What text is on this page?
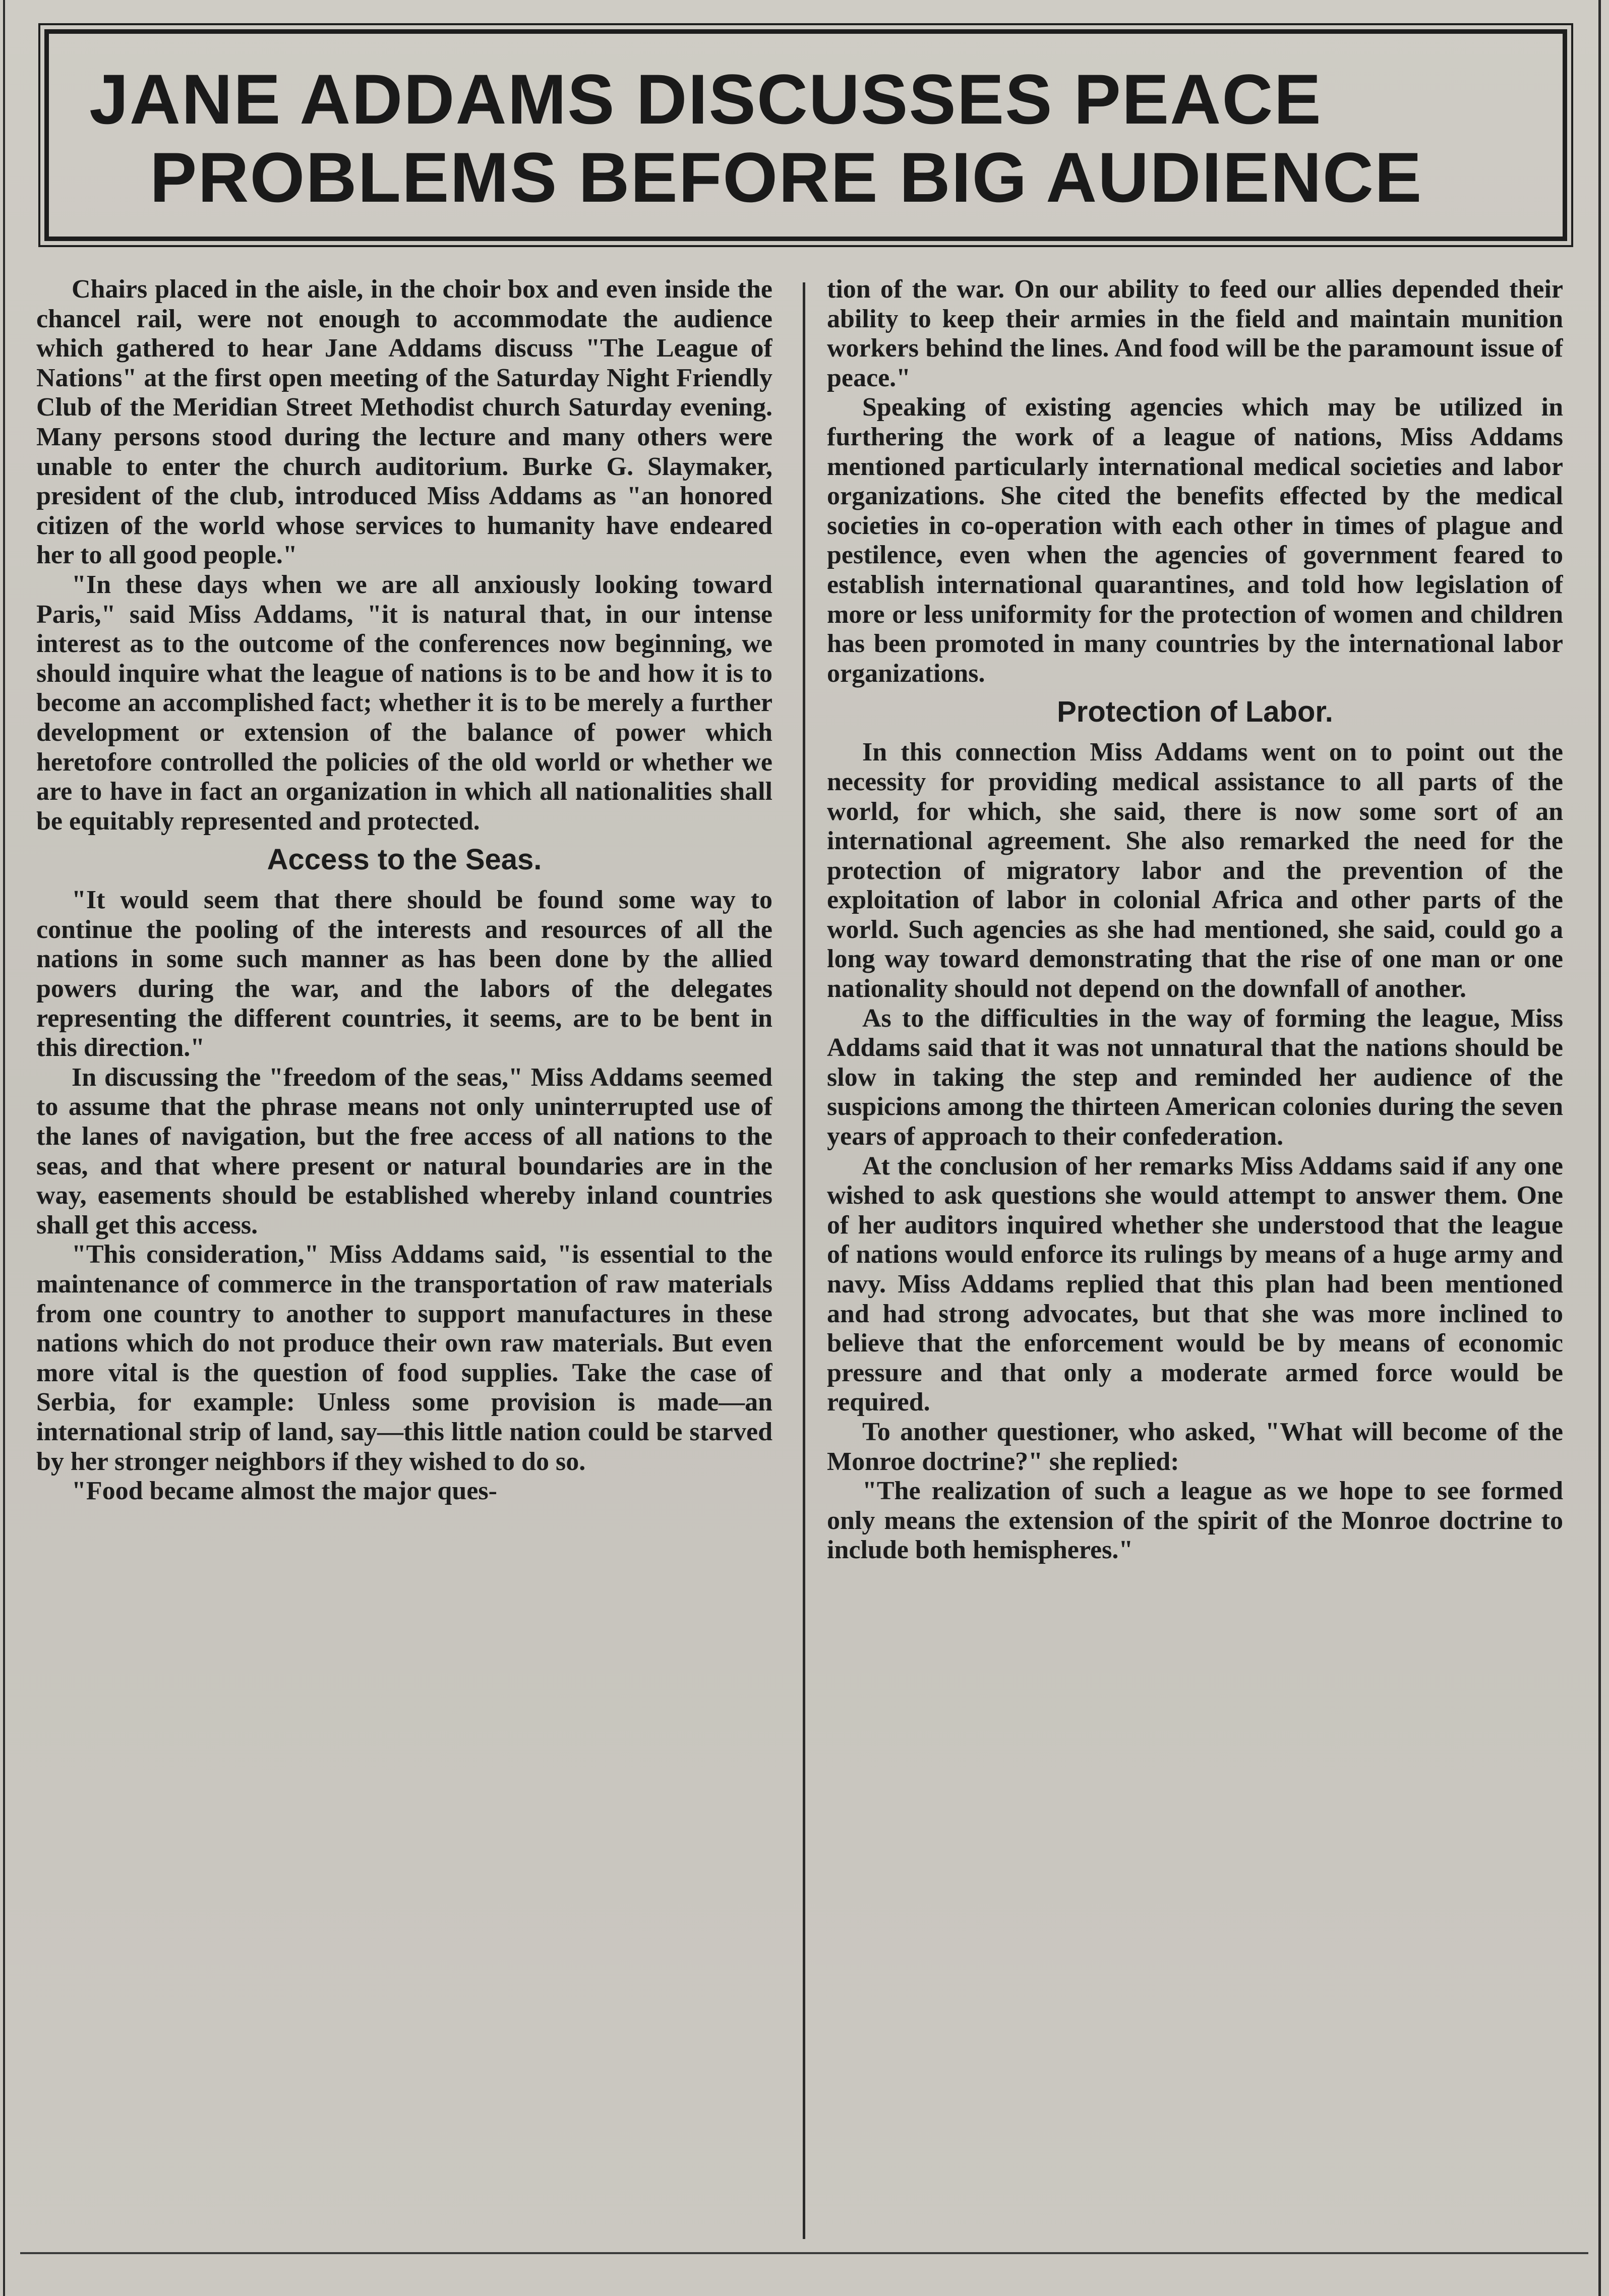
JANE ADDAMS DISCUSSES PEACE
PROBLEMS BEFORE BIG AUDIENCE

Chairs placed in the aisle, in the choir box and even inside the chancel rail, were not enough to accommodate the audience which gathered to hear Jane Addams discuss "The League of Nations" at the first open meeting of the Saturday Night Friendly Club of the Meridian Street Methodist church Saturday evening. Many persons stood during the lecture and many others were unable to enter the church auditorium. Burke G. Slaymaker, president of the club, introduced Miss Addams as "an honored citizen of the world whose services to humanity have endeared her to all good people."

"In these days when we are all anxiously looking toward Paris," said Miss Addams, "it is natural that, in our intense interest as to the outcome of the conferences now beginning, we should inquire what the league of nations is to be and how it is to become an accomplished fact; whether it is to be merely a further development or extension of the balance of power which heretofore controlled the policies of the old world or whether we are to have in fact an organization in which all nationalities shall be equitably represented and protected.

Access to the Seas.

"It would seem that there should be found some way to continue the pooling of the interests and resources of all the nations in some such manner as has been done by the allied powers during the war, and the labors of the delegates representing the different countries, it seems, are to be bent in this direction."

In discussing the "freedom of the seas," Miss Addams seemed to assume that the phrase means not only uninterrupted use of the lanes of navigation, but the free access of all nations to the seas, and that where present or natural boundaries are in the way, easements should be established whereby inland countries shall get this access.

"This consideration," Miss Addams said, "is essential to the maintenance of commerce in the transportation of raw materials from one country to another to support manufactures in these nations which do not produce their own raw materials. But even more vital is the question of food supplies. Take the case of Serbia, for example: Unless some provision is made—an international strip of land, say—this little nation could be starved by her stronger neighbors if they wished to do so.

"Food became almost the major ques-

tion of the war. On our ability to feed our allies depended their ability to keep their armies in the field and maintain munition workers behind the lines. And food will be the paramount issue of peace."

Speaking of existing agencies which may be utilized in furthering the work of a league of nations, Miss Addams mentioned particularly international medical societies and labor organizations. She cited the benefits effected by the medical societies in co-operation with each other in times of plague and pestilence, even when the agencies of government feared to establish international quarantines, and told how legislation of more or less uniformity for the protection of women and children has been promoted in many countries by the international labor organizations.

Protection of Labor.

In this connection Miss Addams went on to point out the necessity for providing medical assistance to all parts of the world, for which, she said, there is now some sort of an international agreement. She also remarked the need for the protection of migratory labor and the prevention of the exploitation of labor in colonial Africa and other parts of the world. Such agencies as she had mentioned, she said, could go a long way toward demonstrating that the rise of one man or one nationality should not depend on the downfall of another.

As to the difficulties in the way of forming the league, Miss Addams said that it was not unnatural that the nations should be slow in taking the step and reminded her audience of the suspicions among the thirteen American colonies during the seven years of approach to their confederation.

At the conclusion of her remarks Miss Addams said if any one wished to ask questions she would attempt to answer them. One of her auditors inquired whether she understood that the league of nations would enforce its rulings by means of a huge army and navy. Miss Addams replied that this plan had been mentioned and had strong advocates, but that she was more inclined to believe that the enforcement would be by means of economic pressure and that only a moderate armed force would be required.

To another questioner, who asked, "What will become of the Monroe doctrine?" she replied:

"The realization of such a league as we hope to see formed only means the extension of the spirit of the Monroe doctrine to include both hemispheres."
